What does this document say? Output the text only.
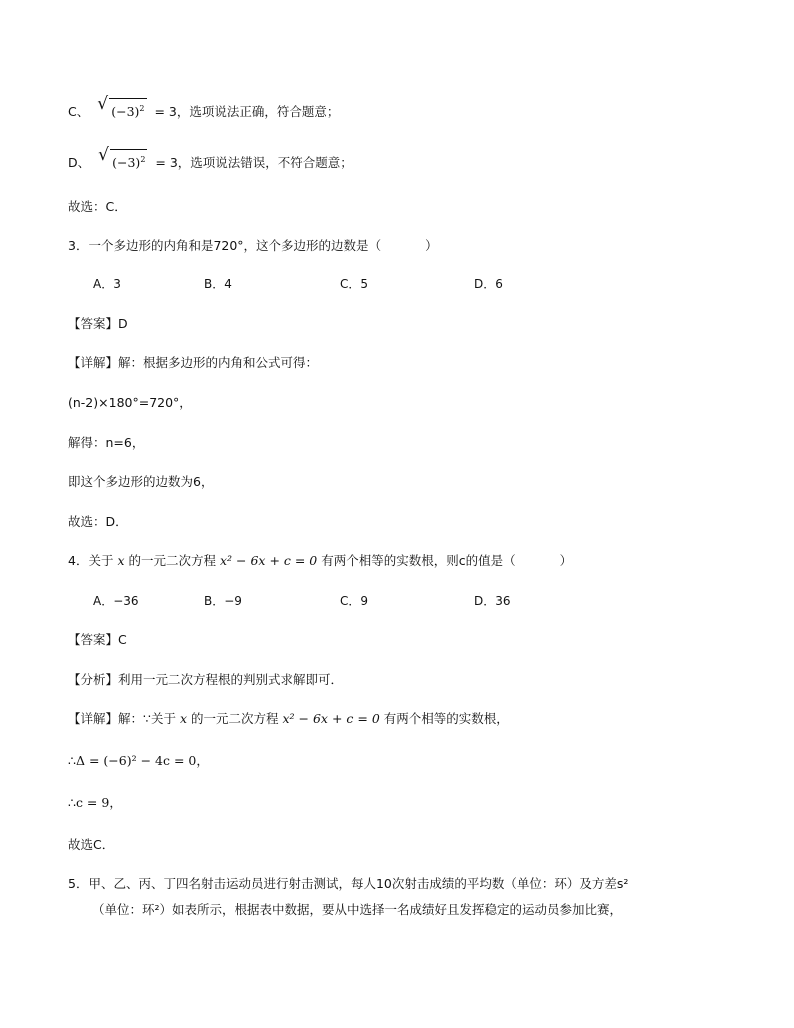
C、 √ $(-3)^2 = 3$，选项说法正确，符合题意；
D、 √ $(-3)^2 = 3$，选项说法错误，不符合题意；
故选：C．
3．一个多边形的内角和是720°，这个多边形的边数是（	）
A．3	B．4	C．5	D．6
【答案】D
【详解】解：根据多边形的内角和公式可得：
(n-2)×180°=720°，
解得：n=6，
即这个多边形的边数为6，
故选：D．
4．关于 x 的一元二次方程 x² − 6x + c = 0 有两个相等的实数根，则c的值是（	）
A．−36	B．−9	C．9	D．36
【答案】C
【分析】利用一元二次方程根的判别式求解即可．
【详解】解：∵关于 x 的一元二次方程 x² − 6x + c = 0 有两个相等的实数根，
∴Δ = (−6)² − 4c = 0，
∴c = 9，
故选C．
5．甲、乙、丙、丁四名射击运动员进行射击测试，每人10次射击成绩的平均数（单位：环）及方差s²
（单位：环²）如表所示，根据表中数据，要从中选择一名成绩好且发挥稳定的运动员参加比赛，
